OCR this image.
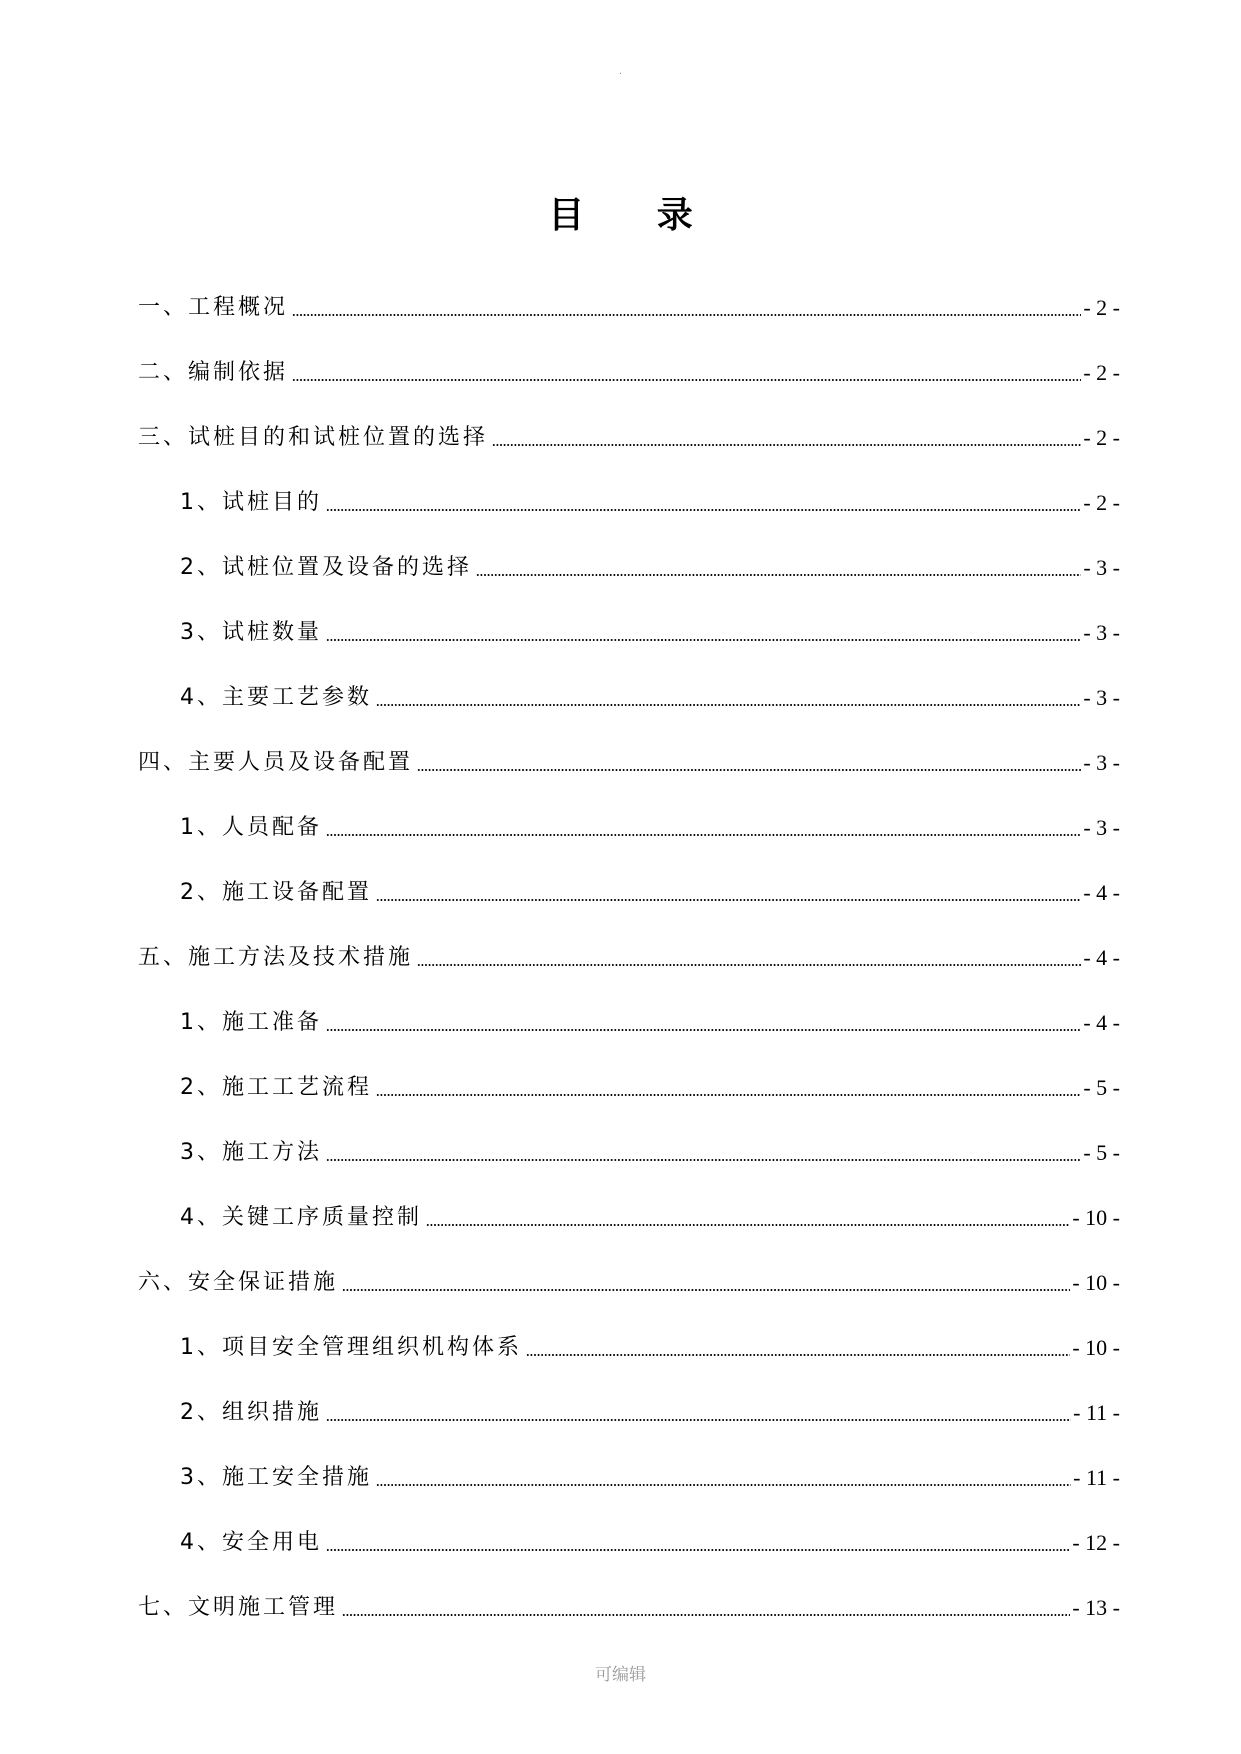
.
目 录
一、工程概况	- 2 -
二、编制依据	- 2 -
三、试桩目的和试桩位置的选择	- 2 -
1、试桩目的	- 2 -
2、试桩位置及设备的选择	- 3 -
3、试桩数量	- 3 -
4、主要工艺参数	- 3 -
四、主要人员及设备配置	- 3 -
1、人员配备	- 3 -
2、施工设备配置	- 4 -
五、施工方法及技术措施	- 4 -
1、施工准备	- 4 -
2、施工工艺流程	- 5 -
3、施工方法	- 5 -
4、关键工序质量控制	- 10 -
六、安全保证措施	- 10 -
1、项目安全管理组织机构体系	- 10 -
2、组织措施	- 11 -
3、施工安全措施	- 11 -
4、安全用电	- 12 -
七、文明施工管理	- 13 -
可编辑
